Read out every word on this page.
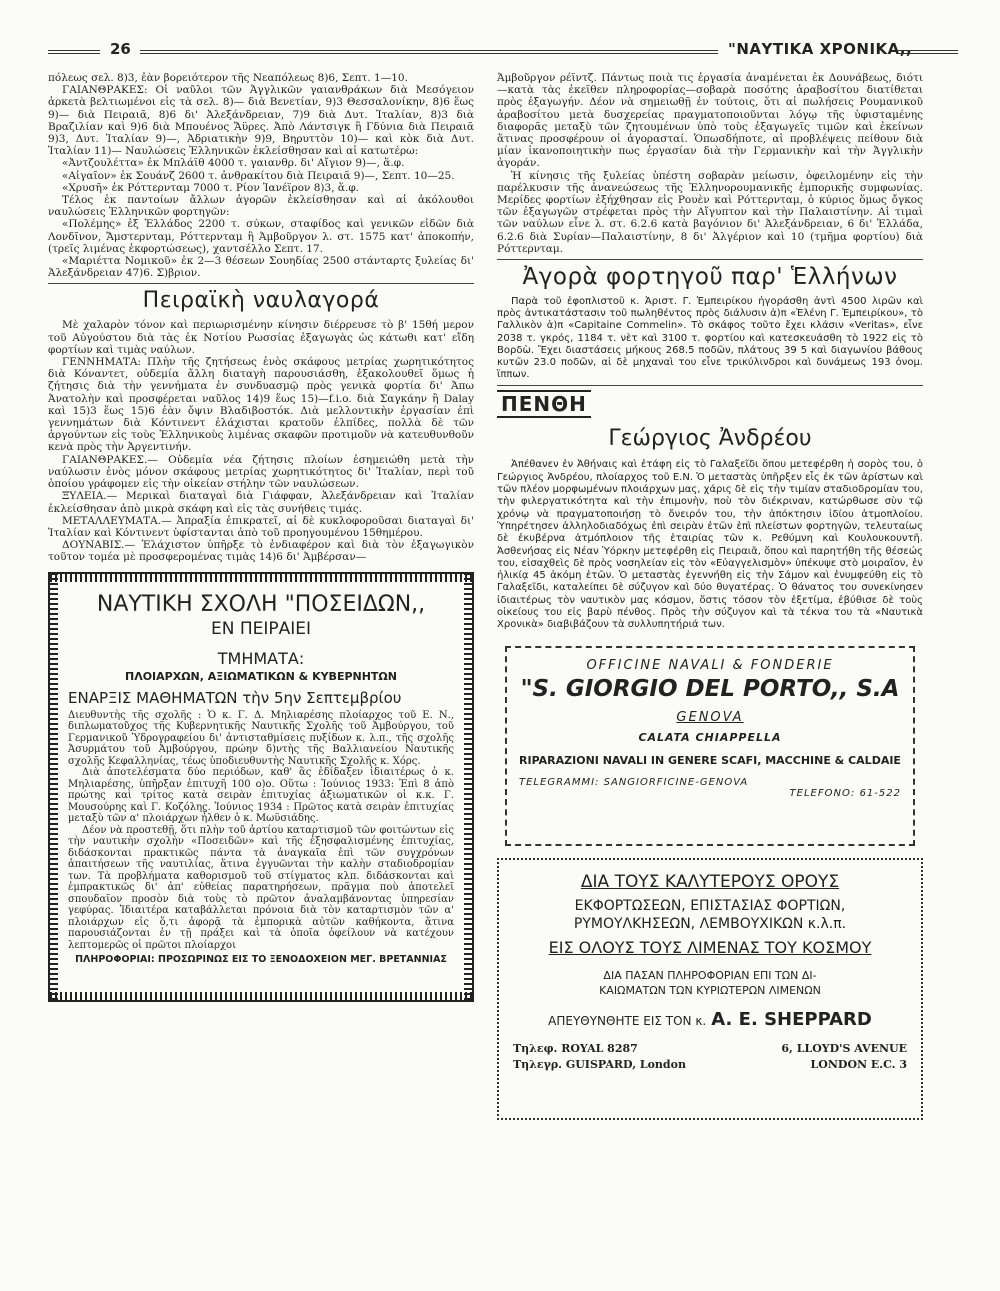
26	"ΝΑΥΤΙΚΑ ΧΡΟΝΙΚΑ,,

πόλεως σελ. 8)3, ἐὰν βορειότερον τῆς Νεαπόλεως 8)6, Σεπτ. 1—10.

ΓΑΙΑΝΘΡΑΚΕΣ: Οἱ ναῦλοι τῶν Ἀγγλικῶν γαιανθράκων διὰ Μεσόγειον ἀρκετὰ βελτιωμένοι εἰς τὰ σελ. 8)— διὰ Βενετίαν, 9)3 Θεσσαλονίκην, 8)6 ἕως 9)— διὰ Πειραιᾶ, 8)6 δι' Ἀλεξάνδρειαν, 7)9 διὰ Δυτ. Ἰταλίαν, 8)3 διὰ Βραζιλίαν καὶ 9)6 διὰ Μπουένος Ἄϋρες. Ἀπὸ Λάντσιγκ ἢ Γδύνια διὰ Πειραιᾶ 9)3, Δυτ. Ἰταλίαν 9)—, Ἀδριατικὴν 9)9, Βηρυττὸν 10)— καὶ κὸκ διὰ Δυτ. Ἰταλίαν 11)— Ναυλώσεις Ἑλληνικῶν ἐκλείσθησαν καὶ αἱ κατωτέρω:

«Ἀντζουλέττα» ἐκ Μπλάϊθ 4000 τ. γαιανθρ. δι' Αἴγιον 9)—, ἅ.φ.

«Αἰγαῖον» ἐκ Σουάνζ 2600 τ. ἀνθρακίτου διὰ Πειραιᾶ 9)—, Σεπτ. 10—25.

«Χρυσῆ» ἐκ Ρόττερνταμ 7000 τ. Ρίον Ἰανέϊρον 8)3, ἅ.φ.

Τέλος ἐκ παντοίων ἄλλων ἀγορῶν ἐκλείσθησαν καὶ αἱ ἀκόλουθοι ναυλώσεις Ἑλληνικῶν φορτηγῶν:

«Πολέμης» ἐξ Ἑλλάδος 2200 τ. σύκων, σταφίδος καὶ γενικῶν εἰδῶν διὰ Λονδῖνον, Ἄμστερνταμ, Ρόττερνταμ ἢ Ἀμβοῦργον λ. στ. 1575 κατ' ἀποκοπήν, (τρεῖς λιμένας ἐκφορτώσεως), χαντσέλλο Σεπτ. 17.

«Μαριέττα Νομικοῦ» ἐκ 2—3 θέσεων Σουηδίας 2500 στάνταρτς ξυλείας δι' Ἀλεξάνδρειαν 47)6. Σ)βριον.

Πειραϊκὴ ναυλαγορά

Μὲ χαλαρὸν τόνον καὶ περιωρισμένην κίνησιν διέρρευσε τὸ β' 15θή μερον τοῦ Αὐγούστου διὰ τὰς ἐκ Νοτίου Ρωσσίας ἐξαγωγὰς ὡς κάτωθι κατ' εἴδη φορτίων καὶ τιμὰς ναύλων.

ΓΕΝΝΗΜΑΤΑ: Πλὴν τῆς ζητήσεως ἑνὸς σκάφους μετρίας χωρητικότητος διὰ Κόναντετ, οὐδεμία ἄλλη διαταγὴ παρουσιάσθη, ἐξακολουθεῖ ὅμως ἡ ζήτησις διὰ τὴν γεννήματα ἐν συνδυασμῷ πρὸς γενικὰ φορτία δι' Ἀπω Ἀνατολὴν καὶ προσφέρεται ναῦλος 14)9 ἕως 15)—f.i.o. διὰ Σαγκάην ἢ Dalay καὶ 15)3 ἕως 15)6 ἐὰν ὄψιν Βλαδιβοστόκ. Διὰ μελλοντικὴν ἐργασίαν ἐπὶ γεννημάτων διὰ Κόντινεντ ἐλάχισται κρατοῦν ἐλπίδες, πολλὰ δὲ τῶν ἀργούντων εἰς τοὺς Ἑλληνικοὺς λιμένας σκαφῶν προτιμοῦν νὰ κατευθυνθοῦν κενὰ πρὸς τὴν Ἀργεντινήν.

ΓΑΙΑΝΘΡΑΚΕΣ.— Οὐδεμία νέα ζήτησις πλοίων ἐσημειώθη μετὰ τὴν ναύλωσιν ἑνὸς μόνον σκάφους μετρίας χωρητικότητος δι' Ἰταλίαν, περὶ τοῦ ὁποίου γράφομεν εἰς τὴν οἰκείαν στήλην τῶν ναυλώσεων.

ΞΥΛΕΙΑ.— Μερικαὶ διαταγαὶ διὰ Γιάφφαν, Ἀλεξάνδρειαν καὶ Ἰταλίαν ἐκλείσθησαν ἀπὸ μικρὰ σκάφη καὶ εἰς τὰς συνήθεις τιμάς.

ΜΕΤΑΛΛΕΥΜΑΤΑ.— Ἀπραξία ἐπικρατεῖ, αἱ δὲ κυκλοφοροῦσαι διαταγαὶ δι' Ἰταλίαν καὶ Κόντινεντ ὑφίστανται ἀπὸ τοῦ προηγουμένου 15θημέρου.

ΔΟΥΝΑΒΙΣ.— Ἐλάχιστον ὑπῆρξε τὸ ἐνδιαφέρον καὶ διὰ τὸν ἐξαγωγικὸν τοῦτον τομέα μὲ προσφερομένας τιμὰς 14)6 δι' Ἀμβέρσαν—

ΝΑΥΤΙΚΗ ΣΧΟΛΗ "ΠΟΣΕΙΔΩΝ,,
ΕΝ ΠΕΙΡΑΙΕΙ
ΤΜΗΜΑΤΑ:
ΠΛΟΙΑΡΧΩΝ, ΑΞΙΩΜΑΤΙΚΩΝ & ΚΥΒΕΡΝΗΤΩΝ
ΕΝΑΡΞΙΣ ΜΑΘΗΜΑΤΩΝ τὴν 5ην Σεπτεμβρίου

Διευθυντὴς τῆς σχολῆς : Ὁ κ. Γ. Δ. Μηλιαρέσης πλοίαρχος τοῦ Ε. Ν., διπλωματοῦχος τῆς Κυβερνητικῆς Ναυτικῆς Σχολῆς τοῦ Ἀμβούργου, τοῦ Γερμανικοῦ Ὑδρογραφείου δι' ἀντισταθμίσεις πυξίδων κ. λ.π., τῆς σχολῆς Ἀσυρμάτου τοῦ Ἀμβούργου, πρώην δ)ντὴς τῆς Βαλλιανείου Ναυτικῆς σχολῆς Κεφαλληνίας, τέως ὑποδιευθυντὴς Ναυτικῆς Σχολῆς κ. Χόρς.

Διὰ ἀποτελέσματα δύο περιόδων, καθ' ἃς ἐδίδαξεν ἰδιαιτέρως ὁ κ. Μηλιαρέσης, ὑπῆρξαν ἐπιτυχῆ 100 ο)ο. Οὕτω : Ἰούνιος 1933: Ἐπὶ 8 ἀπὸ πρώτης καὶ τρίτος κατὰ σειρὰν ἐπιτυχίας ἀξιωματικῶν οἱ κ.κ. Γ. Μουσούρης καὶ Γ. Κοζόλης. Ἰούνιος 1934 : Πρῶτος κατὰ σειρὰν ἐπιτυχίας μεταξὺ τῶν α' πλοιάρχων ἦλθεν ὁ κ. Μωϋσιάδης.

Δέον νὰ προστεθῇ, ὅτι πλὴν τοῦ ἀρτίου καταρτισμοῦ τῶν φοιτώντων εἰς τὴν ναυτικὴν σχολὴν «Ποσειδῶν» καὶ τῆς ἐξησφαλισμένης ἐπιτυχίας, διδάσκονται πρακτικῶς πάντα τὰ ἀναγκαῖα ἐπὶ τῶν συγχρόνων ἀπαιτήσεων τῆς ναυτιλίας, ἅτινα ἐγγυῶνται τὴν καλὴν σταδιοδρομίαν των. Τὰ προβλήματα καθορισμοῦ τοῦ στίγματος κλπ. διδάσκονται καὶ ἐμπρακτικῶς δι' ἀπ' εὐθείας παρατηρήσεων, πρᾶγμα ποὺ ἀποτελεῖ σπουδαῖον προσὸν διὰ τοὺς τὸ πρῶτον ἀναλαμβάνοντας ὑπηρεσίαν γεφύρας. Ἰδιαιτέρα καταβάλλεται πρόνοια διὰ τὸν καταρτισμὸν τῶν α' πλοιάρχων εἰς ὅ,τι ἀφορᾷ τὰ ἐμπορικὰ αὐτῶν καθήκοντα, ἅτινα παρουσιάζονται ἐν τῇ πράξει καὶ τὰ ὁποῖα ὀφείλουν νὰ κατέχουν λεπτομερῶς οἱ πρῶτοι πλοίαρχοι

ΠΛΗΡΟΦΟΡΙΑΙ: ΠΡΟΣΩΡΙΝΩΣ ΕΙΣ ΤΟ ΞΕΝΟΔΟΧΕΙΟΝ ΜΕΓ. ΒΡΕΤΑΝΝΙΑΣ

Ἀμβοῦργον ρέϊντζ. Πάντως ποιὰ τις ἐργασία ἀναμένεται ἐκ Δουνάβεως, διότι—κατὰ τὰς ἐκεῖθεν πληροφορίας—σοβαρὰ ποσότης ἀραβοσίτου διατίθεται πρὸς ἐξαγωγήν. Δέον νὰ σημειωθῇ ἐν τούτοις, ὅτι αἱ πωλήσεις Ρουμανικοῦ ἀραβοσίτου μετὰ δυσχερείας πραγματοποιοῦνται λόγῳ τῆς ὑφισταμένης διαφορᾶς μεταξὺ τῶν ζητουμένων ὑπὸ τοὺς ἐξαγωγεῖς τιμῶν καὶ ἐκείνων ἅτινας προσφέρουν οἱ ἀγορασταί. Ὁπωσδήποτε, αἱ προβλέψεις πείθουν διὰ μίαν ἱκανοποιητικὴν πως ἐργασίαν διὰ τὴν Γερμανικὴν καὶ τὴν Ἀγγλικὴν ἀγοράν.

Ἡ κίνησις τῆς ξυλείας ὑπέστη σοβαρὰν μείωσιν, ὀφειλομένην εἰς τὴν παρέλκυσιν τῆς ἀνανεώσεως τῆς Ἑλληνορουμανικῆς ἐμπορικῆς συμφωνίας. Μερίδες φορτίων ἐξήχθησαν εἰς Ρουὲν καὶ Ρόττερνταμ, ὁ κύριος ὅμως ὄγκος τῶν ἐξαγωγῶν στρέφεται πρὸς τὴν Αἴγυπτον καὶ τὴν Παλαιστίνην. Αἱ τιμαὶ τῶν ναύλων εἶνε λ. στ. 6.2.6 κατὰ βαγόνιον δι' Ἀλεξάνδρειαν, 6 δι' Ἑλλάδα, 6.2.6 διὰ Συρίαν—Παλαιστίνην, 8 δι' Ἀλγέριον καὶ 10 (τμῆμα φορτίου) διὰ Ρόττερνταμ.

Ἀγορὰ φορτηγοῦ παρ' Ἑλλήνων

Παρὰ τοῦ ἐφοπλιστοῦ κ. Ἀριστ. Γ. Ἐμπειρίκου ἠγοράσθη ἀντὶ 4500 λιρῶν καὶ πρὸς ἀντικατάστασιν τοῦ πωληθέντος πρὸς διάλυσιν ἀ)π «Ἑλένη Γ. Ἐμπειρίκου», τὸ Γαλλικὸν ἀ)π «Capitaine Commelin». Τὸ σκάφος τοῦτο ἔχει κλάσιν «Veritas», εἶνε 2038 τ. γκρός, 1184 τ. νὲτ καὶ 3100 τ. φορτίου καὶ κατεσκευάσθη τὸ 1922 εἰς τὸ Βορδὼ. Ἔχει διαστάσεις μήκους 268.5 ποδῶν, πλάτους 39 5 καὶ διαγωνίου βάθους κυτῶν 23.0 ποδῶν, αἱ δὲ μηχαναὶ του εἶνε τρικύλινδροι καὶ δυνάμεως 193 ὀνομ. ἵππων.

ΠΕΝΘΗ
Γεώργιος Ἀνδρέου

Ἀπέθανεν ἐν Ἀθήναις καὶ ἐτάφη εἰς τὸ Γαλαξεῖδι ὅπου μετεφέρθη ἡ σορὸς του, ὁ Γεώργιος Ἀνδρέου, πλοίαρχος τοῦ Ε.Ν. Ὁ μεταστὰς ὑπῆρξεν εἷς ἐκ τῶν ἀρίστων καὶ τῶν πλέον μορφωμένων πλοιάρχων μας, χάρις δὲ εἰς τὴν τιμίαν σταδιοδρομίαν του, τὴν φιλεργατικότητα καὶ τὴν ἐπιμονὴν, ποὺ τὸν διέκριναν, κατώρθωσε σὺν τῷ χρόνῳ νὰ πραγματοποιήσῃ τὸ ὄνειρόν του, τὴν ἀπόκτησιν ἰδίου ἀτμοπλοίου. Ὑπηρέτησεν ἀλληλοδιαδόχως ἐπὶ σειρὰν ἐτῶν ἐπὶ πλείστων φορτηγῶν, τελευταίως δὲ ἐκυβέρνα ἀτμόπλοιον τῆς ἑταιρίας τῶν κ. Ρεθύμνη καὶ Κουλουκουντῆ. Ἀσθενήσας εἰς Νέαν Ὑόρκην μετεφέρθη εἰς Πειραιᾶ, ὅπου καὶ παρητήθη τῆς θέσεώς του, εἰσαχθεὶς δὲ πρὸς νοσηλείαν εἰς τὸν «Εὐαγγελισμὸν» ὑπέκυψε στὸ μοιραῖον, ἐν ἡλικίᾳ 45 ἀκόμη ἐτῶν. Ὁ μεταστὰς ἐγεννήθη εἰς τὴν Σάμον καὶ ἐνυμφεύθη εἰς τὸ Γαλαξεῖδι, καταλείπει δὲ σύζυγον καὶ δύο θυγατέρας. Ὁ θάνατος του συνεκίνησεν ἰδιαιτέρως τὸν ναυτικὸν μας κόσμον, ὅστις τόσον τὸν ἐξετίμα, ἐβύθισε δὲ τοὺς οἰκείους του εἰς βαρὺ πένθος. Πρὸς τὴν σύζυγον καὶ τὰ τέκνα του τὰ «Ναυτικὰ Χρονικὰ» διαβιβάζουν τὰ συλλυπητήριά των.

OFFICINE NAVALI & FONDERIE
"S. GIORGIO DEL PORTO,, S.A
GENOVA
CALATA CHIAPPELLA
RIPARAZIONI NAVALI IN GENERE SCAFI, MACCHINE & CALDAIE
TELEGRAMMI: SANGIORFICINE-GENOVA
TELEFONO: 61-522
ΔΙΑ ΤΟΥΣ ΚΑΛΥΤΕΡΟΥΣ ΟΡΟΥΣ
ΕΚΦΟΡΤΩΣΕΩΝ, ΕΠΙΣΤΑΣΙΑΣ ΦΟΡΤΙΩΝ,
ΡΥΜΟΥΛΚΗΣΕΩΝ, ΛΕΜΒΟΥΧΙΚΩΝ κ.λ.π.
ΕΙΣ ΟΛΟΥΣ ΤΟΥΣ ΛΙΜΕΝΑΣ ΤΟΥ ΚΟΣΜΟΥ
ΔΙΑ ΠΑΣΑΝ ΠΛΗΡΟΦΟΡΙΑΝ ΕΠΙ ΤΩΝ ΔΙ-
ΚΑΙΩΜΑΤΩΝ ΤΩΝ ΚΥΡΙΩΤΕΡΩΝ ΛΙΜΕΝΩΝ
ΑΠΕΥΘΥΝΘΗΤΕ ΕΙΣ ΤΟΝ κ. A. E. SHEPPARD
Τηλεφ. ROYAL 8287	6, LLOYD'S AVENUE
Τηλεγρ. GUISPARD, London	LONDON E.C. 3
